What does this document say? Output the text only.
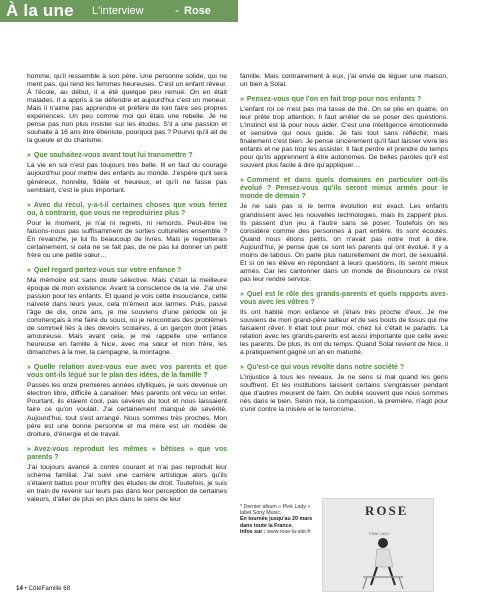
À la une L'interview	- Rose

homme, qu'il ressemble à son père. Une personne solide, qui ne ment pas, qui rend les femmes heureuses. C'est un enfant rêveur. À l'école, au début, il a été quelque peu remué. On en était malades. Il a appris à se défendre et aujourd'hui c'est un meneur. Mais il n'aime pas apprendre et préfère de loin faire ses propres expériences. Un peu comme moi qui étais une rebelle. Je ne pense pas non plus insister sur les études. S'il a une passion et souhaite à 16 ans être ébéniste, pourquoi pas ? Pourvu qu'il ait de la gueule et du charisme.

» Que souhaitez-vous avant tout lui transmettre ?

La vie en soi n'est pas toujours très belle. Ill en faut du courage aujourd'hui pour mettre des enfants au monde. J'espère qu'il sera généreux, honnête, fidèle et heureux, et qu'il ne fasse pas semblant, c'est le plus important.

» Avec du recul, y-a-t-il certaines choses que vous feriez ou, à contrario, que vous ne reproduiriez plus ?

Pour le moment, je n'ai ni regrets, ni remords. Peut-être ne faisons-nous pas suffisamment de sorties culturelles ensemble ? En revanche, je lui fis beaucoup de livres. Mais je regretterais certainement, si cela ne se fait pas, de ne pas lui donner un petit frère ou une petite sœur…

» Quel regard portez-vous sur votre enfance ?

Ma mémoire est sans doute sélective. Mais c'était la meilleure époque de mon existence. Avant la conscience de la vie. J'ai une passion pour les enfants. Et quand je vois cette insouciance, cette naïveté dans leurs yeux, cela m'émeut aux larmes. Puis, passé l'âge de dix, onze ans, je me souviens d'une période où je commençais à me faire du souci, où je rencontrais des problèmes de sommeil liés à des devoirs scolaires, à un garçon dont j'étais amoureuse. Mais avant cela, je me rappelle une enfance heureuse en famille à Nice, avec ma sœur et mon frère, les dimanches à la mer, la campagne, la montagne.

» Quelle relation avez-vous eue avec vos parents et que vous ont-ils légué sur le plan des idées, de la famille ?

Passés les onze premières années idylliques, je suis devenue un électron libre, difficile à canaliser. Mes parents ont vécu un enfer. Pourtant, ils étaient cool, pas sévères du tout et nous laissaient faire ce qu'on voulait. J'ai certainement manqué de sévérité. Aujourd'hui, tout s'est arrangé. Nous sommes très proches. Mon père est une bonne personne et ma mère est un modèle de droiture, d'énergie et de travail.

» Avez-vous reproduit les mêmes « bêtises » que vos parents ?

J'ai toujours avancé à contre courant et n'ai pas reproduit leur schéma familial. J'ai suivi une carrière artistique alors qu'ils s'étaient battus pour m'offrir des études de droit. Toutefois, je suis en train de revenir sur leurs pas dans leur perception de certaines valeurs, d'aller de plus en plus dans le sens de leur

famille. Mais contrairement à eux, j'ai envie de léguer une maison, un bien à Solal.

» Pensez-vous que l'on en fait trop pour nos enfants ?

L'enfant roi ce n'est pas ma tasse de thé. On se plie en quatre, on leur prête trop attention. Il faut arrêter de se poser des questions. L'instinct est là pour nous aider. C'est une intelligence émotionnelle et sensitive qui nous guide. Je fais tout sans réfléchir, mais finalement c'est bien. Je pense sincèrement qu'il faut laisser vivre les enfants et ne pas trop les assister. Il faut perdre et prendre du temps pour qu'ils apprennent à être autonomes. De belles paroles qu'il est souvent plus facile à dire qu'appliquer…

» Comment et dans quels domaines en particulier ont-ils évolué ? Pensez-vous qu'ils seront mieux armés pour le monde de demain ?

Je ne sais pas si le terme évolution est exact. Les enfants grandissent avec les nouvelles technologies, mais ils zappent plus. Ils passent d'un jeu à l'autre sans se poser. Toutefois on les considère comme des personnes à part entière. Ils sont écoutés. Quand nous étions petits, on n'avait pas notre mot à dire. Aujourd'hui, je pense que ce sont les parents qui ont évolué. Il y a moins de tabous. On parle plus naturellement de mort, de sexualité. Et si on les élève en répondant à leurs questions, ils seront mieux armés. Car les cantonner dans un monde de Bisounours ce n'est pas leur rendre service.

» Quel est le rôle des grands-parents et quels rapports avez-vous avec les vôtres ?

Ils ont habité mon enfance et j'étais très proche d'eux. Je me souviens de mon grand-père tailleur et de ses bouts de tissus qui me faisaient rêver. Il était tout pour moi, chez lui c'était le paradis. La relation avec les grands-parents est aussi importante que celle avec les parents. De plus, ils ont du temps. Quand Solal revient de Nice, il a pratiquement gagné un an en maturité.

» Qu'est-ce qui vous révolte dans notre société ?

L'injustice à tous les niveaux. Je ne sens si mal quand les gens souffrent. Et les institutions laissent certains s'engraisser pendant que d'autres meurent de faim. On oublie souvent que nous sommes nés dans le bien. Selon moi, la compassion, la première, n'agit pour s'unir contre la misère et le terrorisme.

* Dernier album « Pink Lady »
label Sony Music.
En tournée jusqu'au 20 mars
dans toute la France.
Infos sur : www.rose-la-site.fr
ROSE
PINK LADY
14 • CôtéFamille 68
